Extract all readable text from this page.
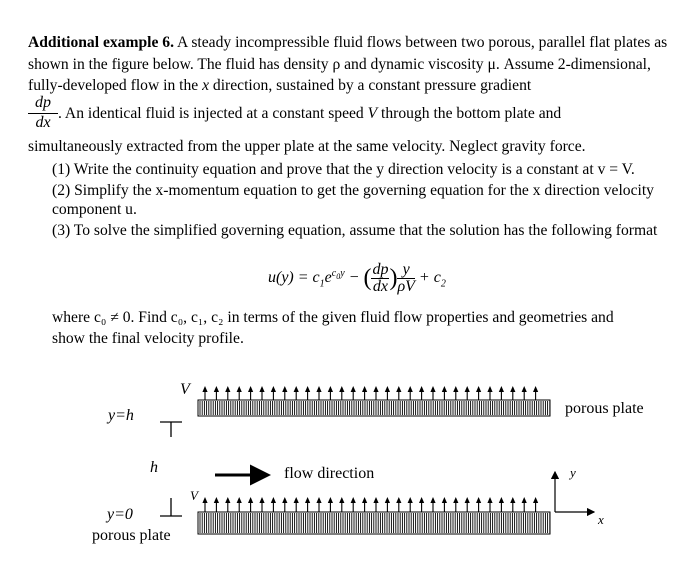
Additional example 6. A steady incompressible fluid flows between two porous, parallel flat plates as shown in the figure below. The fluid has density ρ and dynamic viscosity μ. Assume 2-dimensional, fully-developed flow in the x direction, sustained by a constant pressure gradient
$\frac{dp}{dx}$ . An identical fluid is injected at a constant speed V through the bottom plate and
simultaneously extracted from the upper plate at the same velocity. Neglect gravity force.
(1) Write the continuity equation and prove that the y direction velocity is a constant at v = V.
(2) Simplify the x-momentum equation to get the governing equation for the x direction velocity component u.
(3) To solve the simplified governing equation, assume that the solution has the following format
$u(y) = c_1e^{c_0y}$ − ( $\frac{dp}{dx}$ ) $\frac{y}{\rho V} + c_2$
where c₀ ≠ 0. Find c₀, c₁, c₂ in terms of the given fluid flow properties and geometries and
show the final velocity profile.
V
y=h
h
V
y=0
porous plate
porous plate
flow direction	y
x
